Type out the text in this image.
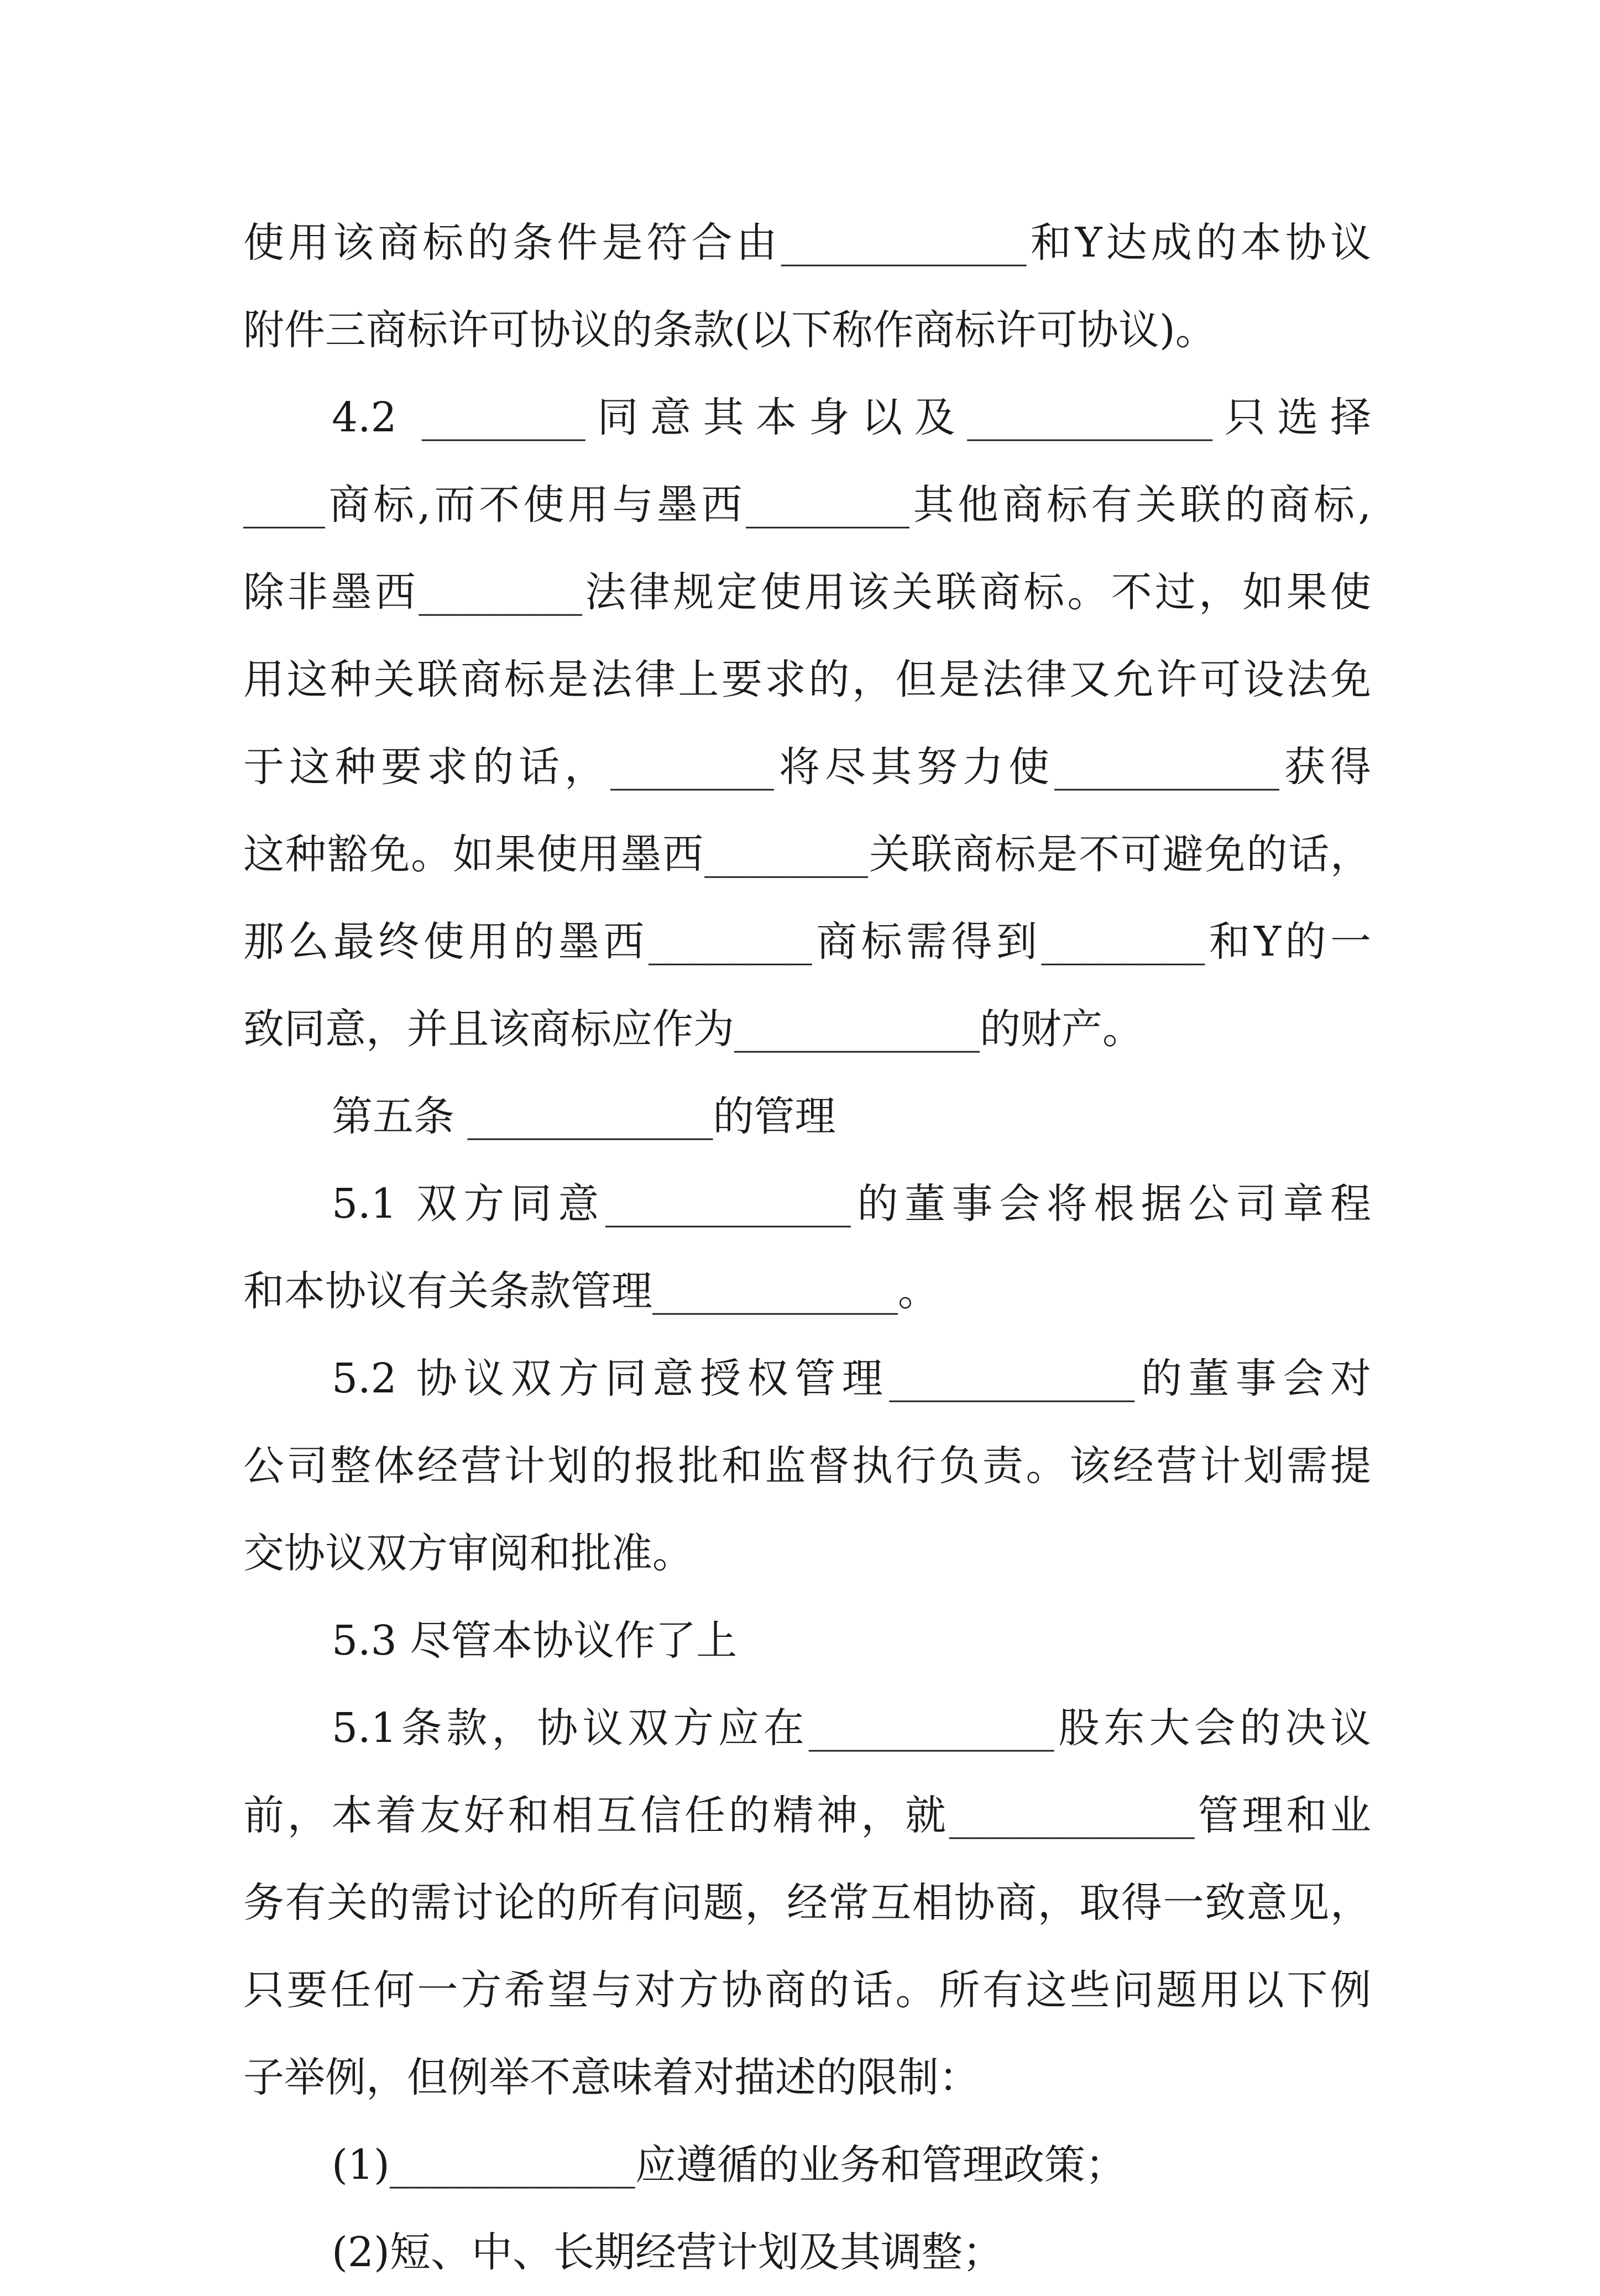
使用该商标的条件是符合由____________和Y达成的本协议
附件三商标许可协议的条款(以下称作商标许可协议)。
4.2 ________同意其本身以及____________只选择
____商标,而不使用与墨西________其他商标有关联的商标,
除非墨西________法律规定使用该关联商标。不过，如果使
用这种关联商标是法律上要求的，但是法律又允许可设法免
于这种要求的话，________将尽其努力使___________获得
这种豁免。如果使用墨西________关联商标是不可避免的话，
那么最终使用的墨西________商标需得到________和Y的一
致同意，并且该商标应作为____________的财产。
第五条 ____________的管理
5.1 双方同意____________的董事会将根据公司章程
和本协议有关条款管理____________。
5.2 协议双方同意授权管理____________的董事会对
公司整体经营计划的报批和监督执行负责。该经营计划需提
交协议双方审阅和批准。
5.3 尽管本协议作了上
5.1条款，协议双方应在____________股东大会的决议
前，本着友好和相互信任的精神，就____________管理和业
务有关的需讨论的所有问题，经常互相协商，取得一致意见，
只要任何一方希望与对方协商的话。所有这些问题用以下例
子举例，但例举不意味着对描述的限制：
(1)____________应遵循的业务和管理政策；
(2)短、中、长期经营计划及其调整；
